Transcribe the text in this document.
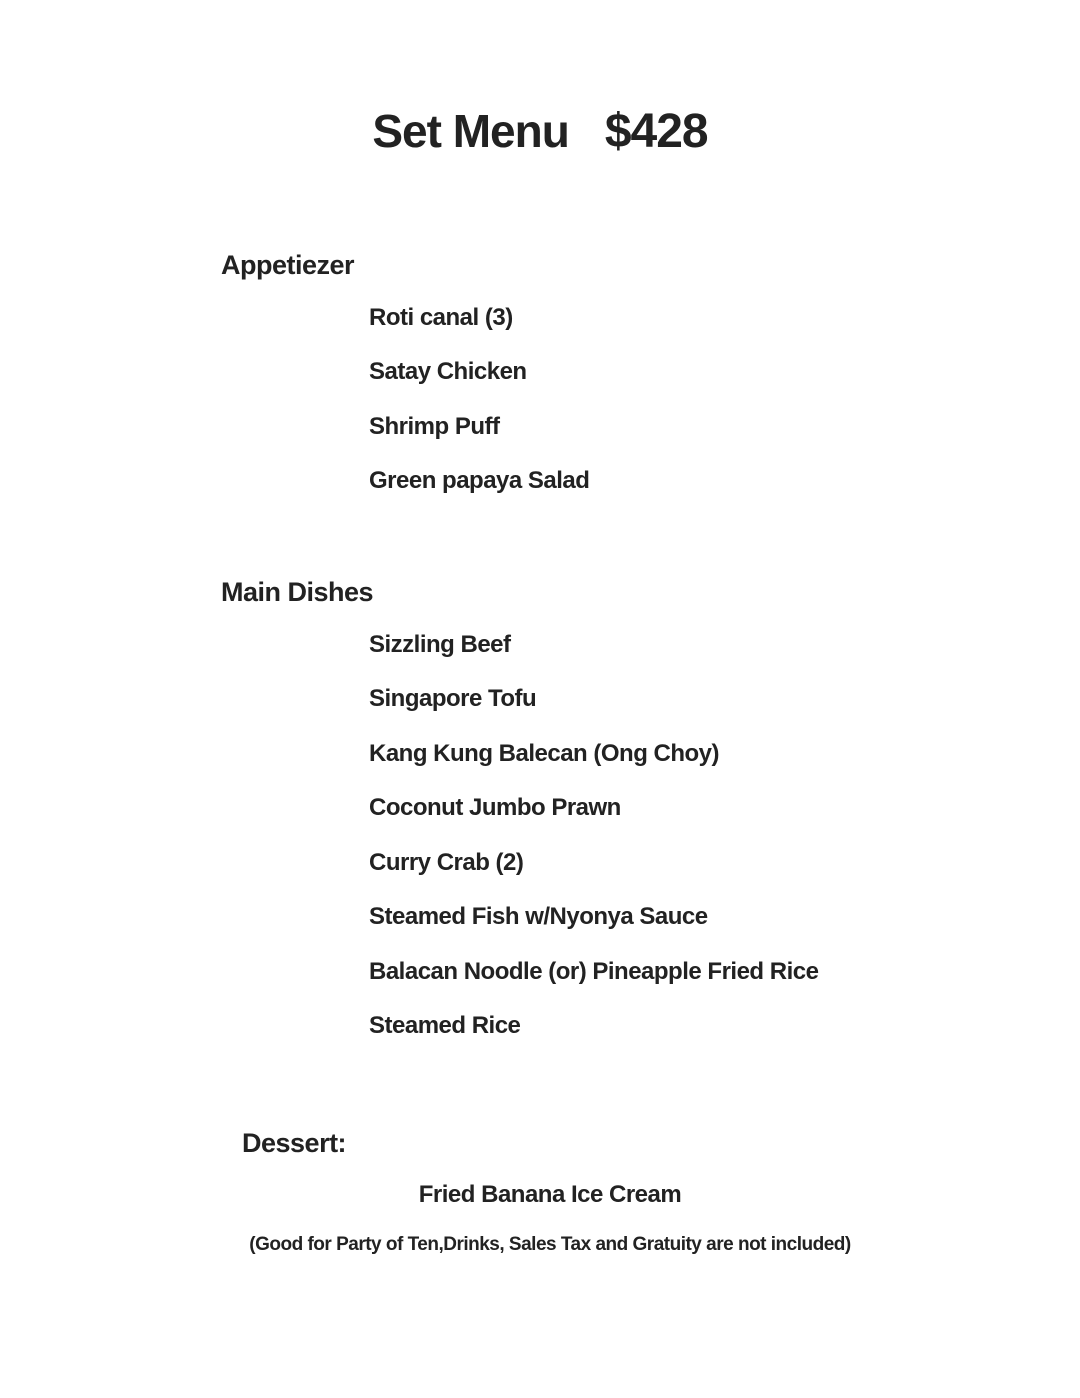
Set Menu $428
Appetiezer
Roti canal (3)
Satay Chicken
Shrimp Puff
Green papaya Salad
Main Dishes
Sizzling Beef
Singapore Tofu
Kang Kung Balecan (Ong Choy)
Coconut Jumbo Prawn
Curry Crab (2)
Steamed Fish w/Nyonya Sauce
Balacan Noodle (or) Pineapple Fried Rice
Steamed Rice
Dessert:
Fried Banana Ice Cream
(Good for Party of Ten,Drinks, Sales Tax and Gratuity are not included)
